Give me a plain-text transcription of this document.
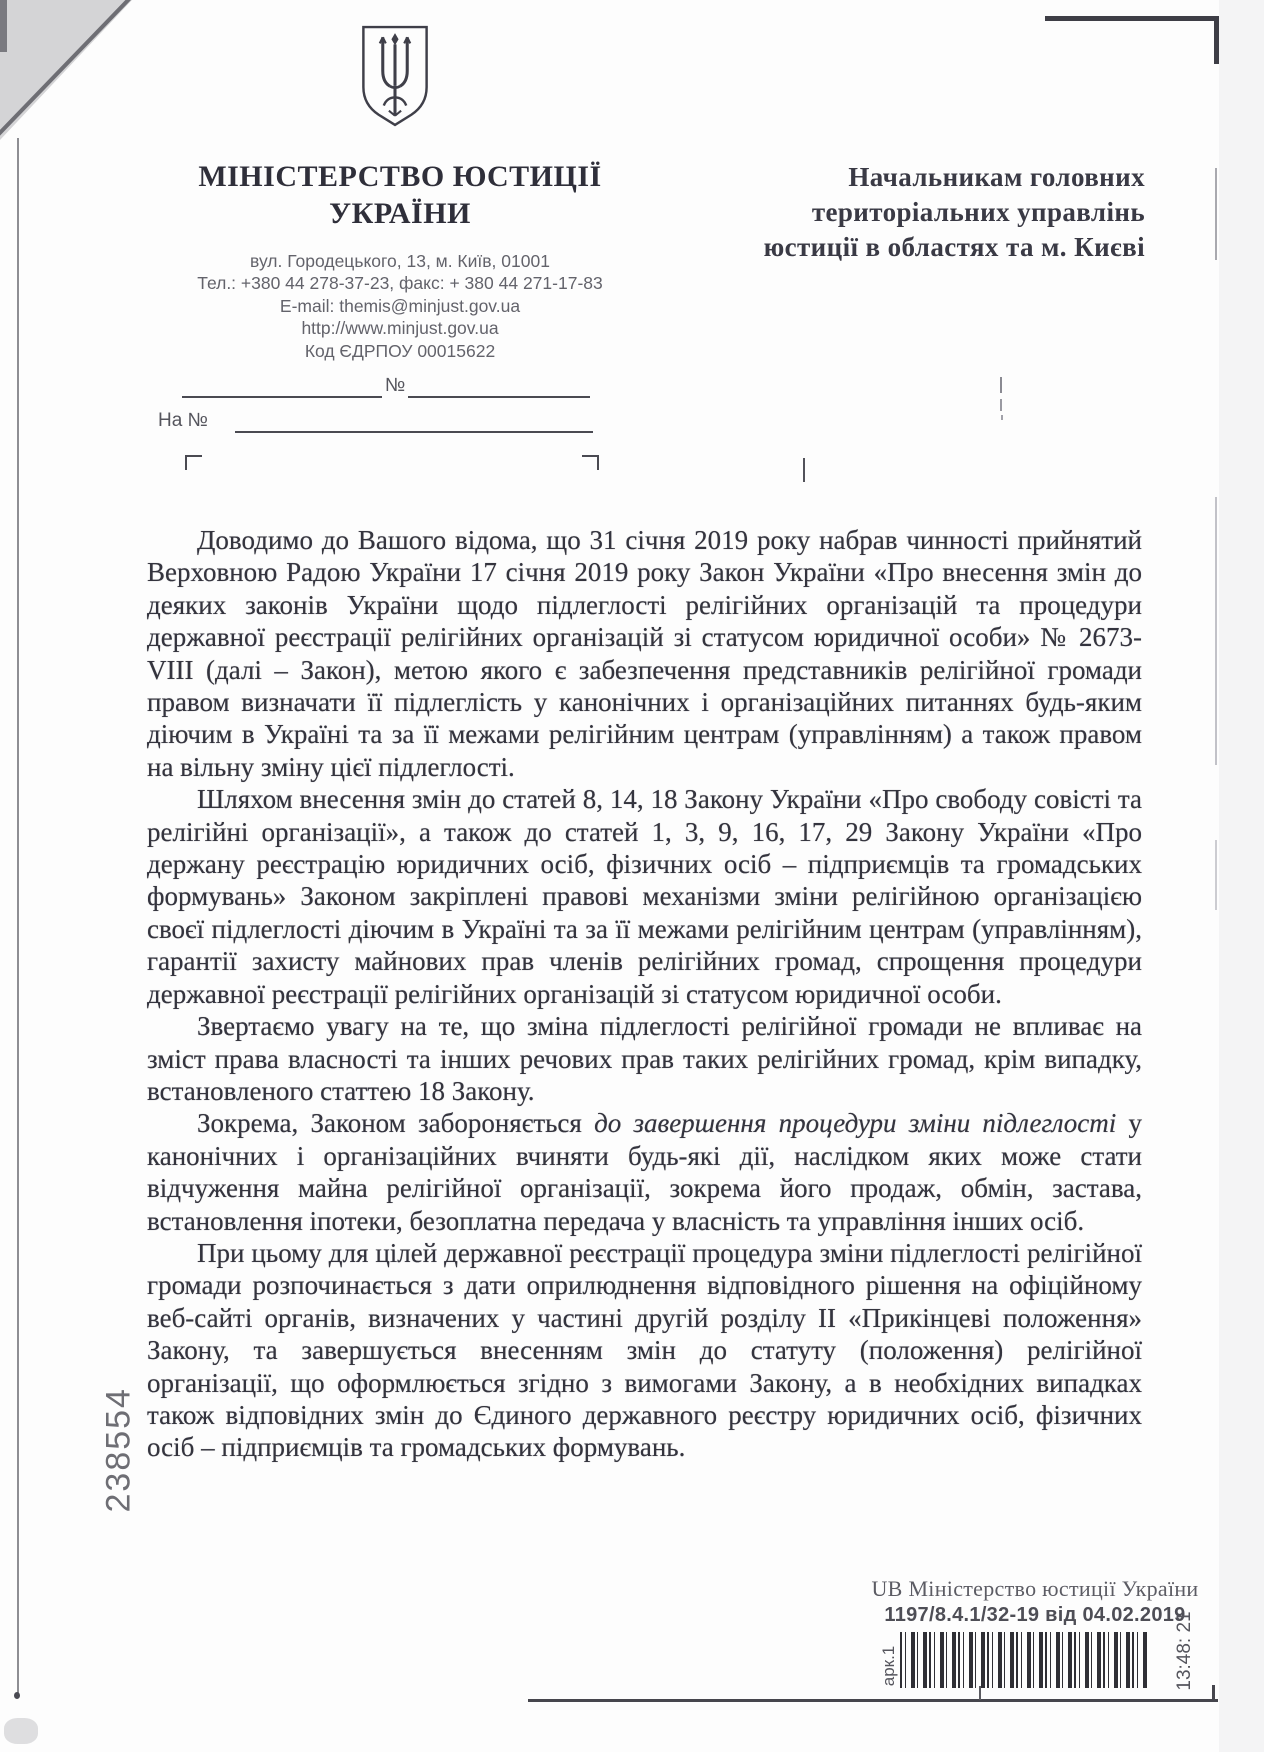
МІНІСТЕРСТВО ЮСТИЦІЇ
УКРАЇНИ
вул. Городецького, 13, м. Київ, 01001
Тел.: +380 44 278-37-23, факс: + 380 44 271-17-83
E-mail: themis@minjust.gov.ua
http://www.minjust.gov.ua
Код ЄДРПОУ 00015622
Начальникам головних
територіальних управлінь
юстиції в областях та м. Києві
№
На №

Доводимо до Вашого відома, що 31 січня 2019 року набрав чинності прийнятий Верховною Радою України 17 січня 2019 року Закон України «Про внесення змін до деяких законів України щодо підлеглості релігійних організацій та процедури державної реєстрації релігійних організацій зі статусом юридичної особи» № 2673-VIII (далі – Закон), метою якого є забезпечення представників релігійної громади правом визначати її підлеглість у канонічних і організаційних питаннях будь-яким діючим в Україні та за її межами релігійним центрам (управлінням) а також правом на вільну зміну цієї підлеглості.

Шляхом внесення змін до статей 8, 14, 18 Закону України «Про свободу совісті та релігійні організації», а також до статей 1, 3, 9, 16, 17, 29 Закону України «Про держану реєстрацію юридичних осіб, фізичних осіб – підприємців та громадських формувань» Законом закріплені правові механізми зміни релігійною організацією своєї підлеглості діючим в Україні та за її межами релігійним центрам (управлінням), гарантії захисту майнових прав членів релігійних громад, спрощення процедури державної реєстрації релігійних організацій зі статусом юридичної особи.

Звертаємо увагу на те, що зміна підлеглості релігійної громади не впливає на зміст права власності та інших речових прав таких релігійних громад, крім випадку, встановленого статтею 18 Закону.

Зокрема, Законом забороняється до завершення процедури зміни підлеглості у канонічних і організаційних вчиняти будь-які дії, наслідком яких може стати відчуження майна релігійної організації, зокрема його продаж, обмін, застава, встановлення іпотеки, безоплатна передача у власність та управління інших осіб.

При цьому для цілей державної реєстрації процедура зміни підлеглості релігійної громади розпочинається з дати оприлюднення відповідного рішення на офіційному веб-сайті органів, визначених у частині другій розділу II «Прикінцеві положення» Закону, та завершується внесенням змін до статуту (положення) релігійної організації, що оформлюється згідно з вимогами Закону, а в необхідних випадках також відповідних змін до Єдиного державного реєстру юридичних осіб, фізичних осіб – підприємців та громадських формувань.

UB Міністерство юстиції України
1197/8.4.1/32-19 від 04.02.2019
арк.1	13:48: 21
238554
